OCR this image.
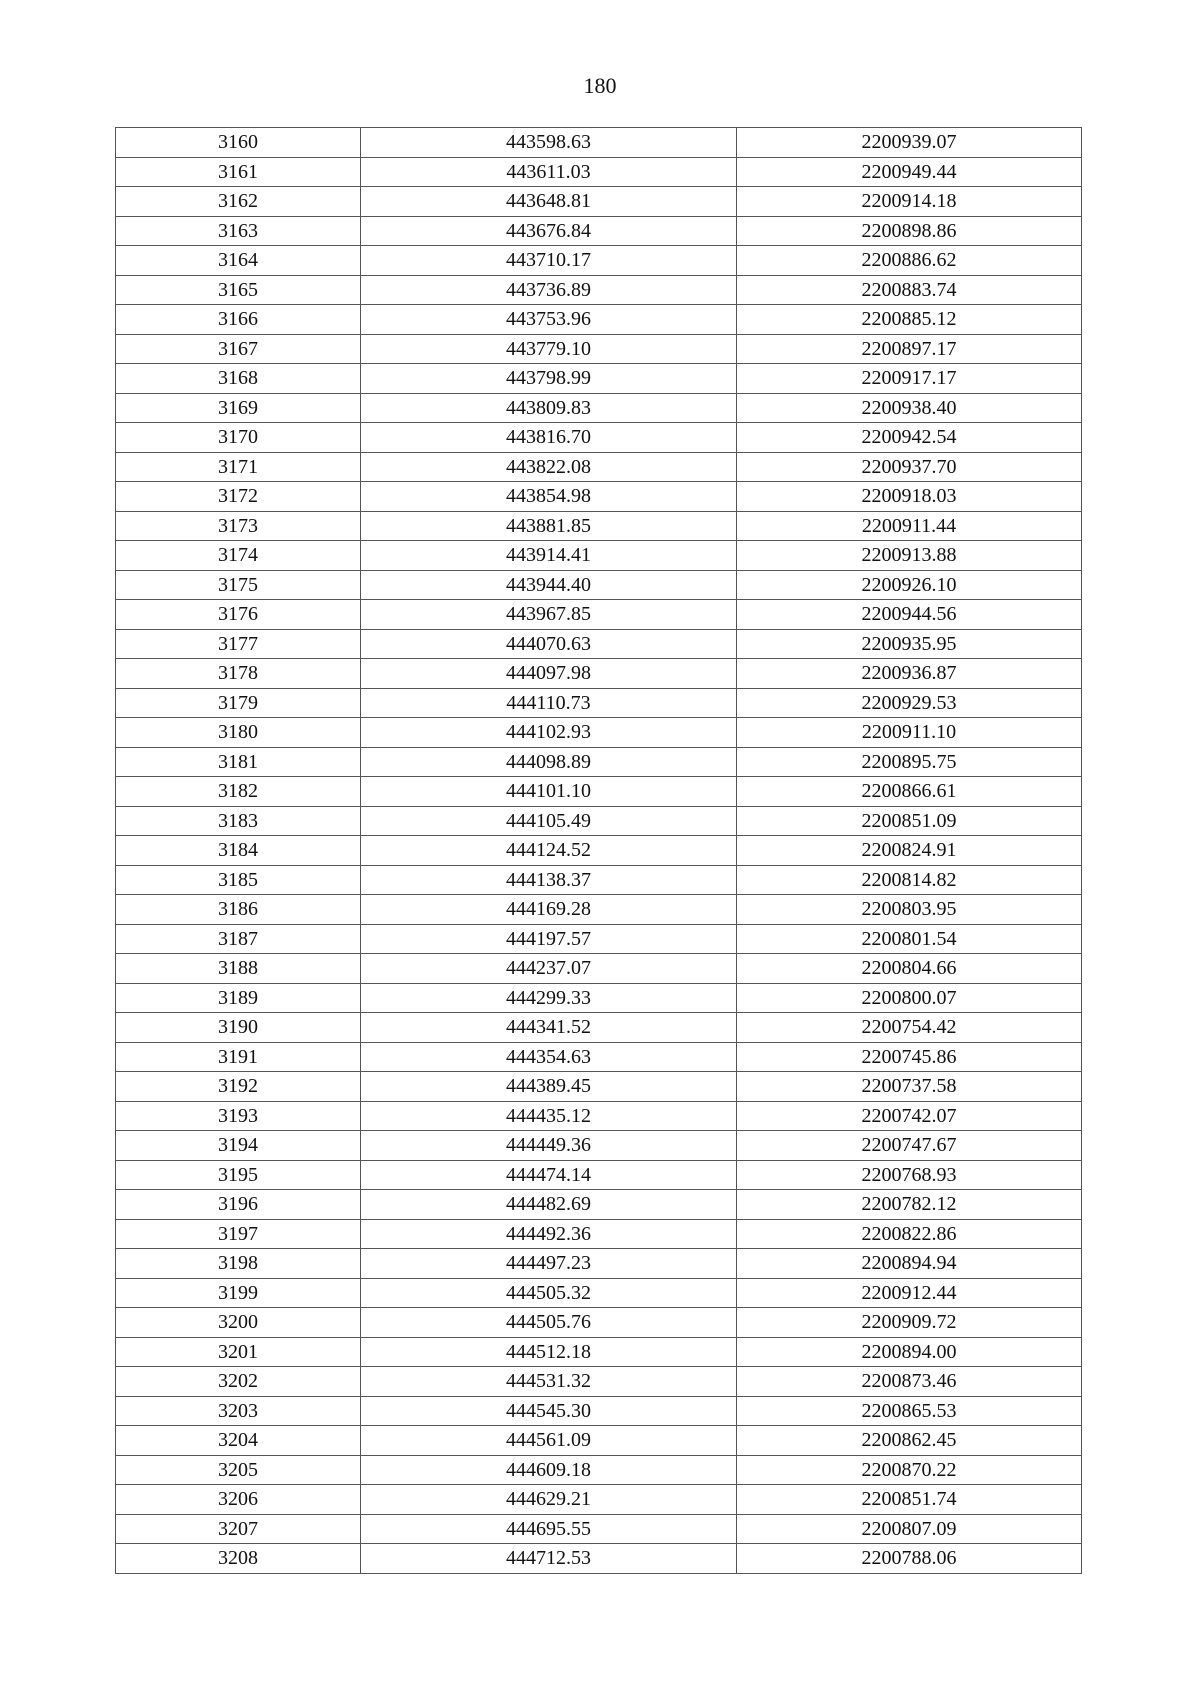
180
3160	443598.63	2200939.07
3161	443611.03	2200949.44
3162	443648.81	2200914.18
3163	443676.84	2200898.86
3164	443710.17	2200886.62
3165	443736.89	2200883.74
3166	443753.96	2200885.12
3167	443779.10	2200897.17
3168	443798.99	2200917.17
3169	443809.83	2200938.40
3170	443816.70	2200942.54
3171	443822.08	2200937.70
3172	443854.98	2200918.03
3173	443881.85	2200911.44
3174	443914.41	2200913.88
3175	443944.40	2200926.10
3176	443967.85	2200944.56
3177	444070.63	2200935.95
3178	444097.98	2200936.87
3179	444110.73	2200929.53
3180	444102.93	2200911.10
3181	444098.89	2200895.75
3182	444101.10	2200866.61
3183	444105.49	2200851.09
3184	444124.52	2200824.91
3185	444138.37	2200814.82
3186	444169.28	2200803.95
3187	444197.57	2200801.54
3188	444237.07	2200804.66
3189	444299.33	2200800.07
3190	444341.52	2200754.42
3191	444354.63	2200745.86
3192	444389.45	2200737.58
3193	444435.12	2200742.07
3194	444449.36	2200747.67
3195	444474.14	2200768.93
3196	444482.69	2200782.12
3197	444492.36	2200822.86
3198	444497.23	2200894.94
3199	444505.32	2200912.44
3200	444505.76	2200909.72
3201	444512.18	2200894.00
3202	444531.32	2200873.46
3203	444545.30	2200865.53
3204	444561.09	2200862.45
3205	444609.18	2200870.22
3206	444629.21	2200851.74
3207	444695.55	2200807.09
3208	444712.53	2200788.06
